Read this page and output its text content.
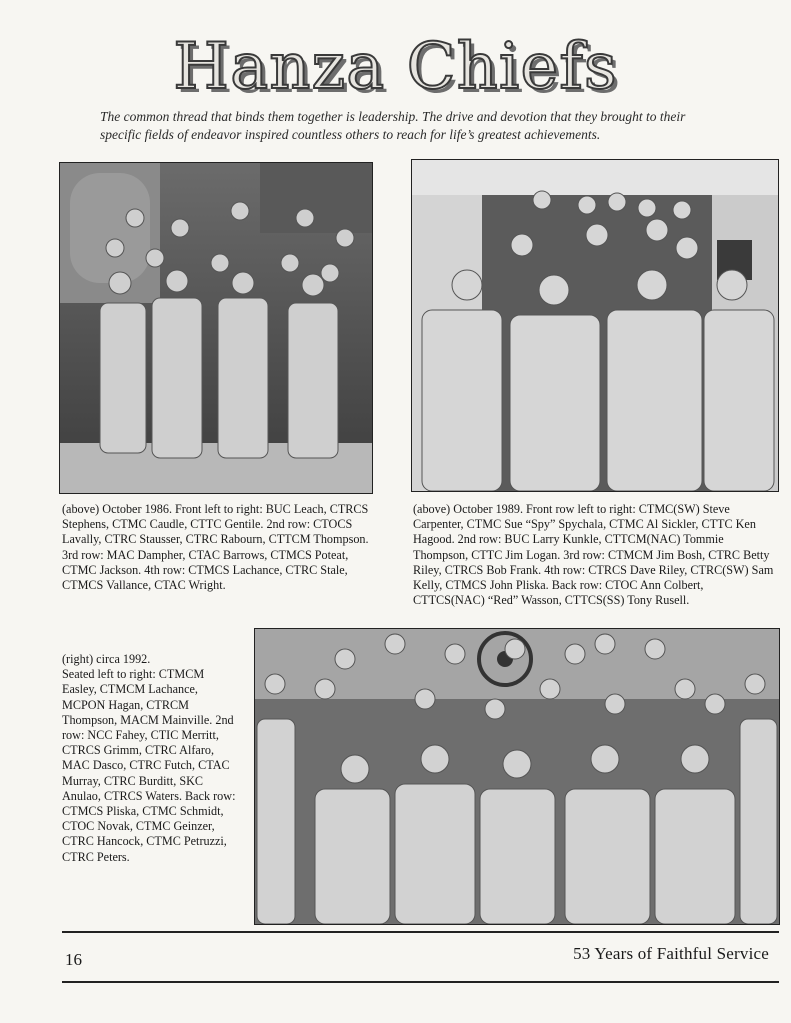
Hanza Chiefs
The common thread that binds them together is leadership. The drive and devotion that they brought to their specific fields of endeavor inspired countless others to reach for life’s greatest achievements.
(above) October 1986. Front left to right: BUC Leach, CTRCS Stephens, CTMC Caudle, CTTC Gentile. 2nd row: CTOCS Lavally, CTRC Stausser, CTRC Rabourn, CTTCM Thompson. 3rd row: MAC Dampher, CTAC Barrows, CTMCS Poteat, CTMC Jackson. 4th row: CTMCS Lachance, CTRC Stale, CTMCS Vallance, CTAC Wright.
(above) October 1989. Front row left to right: CTMC(SW) Steve Carpenter, CTMC Sue “Spy” Spychala, CTMC Al Sickler, CTTC Ken Hagood. 2nd row: BUC Larry Kunkle, CTTCM(NAC) Tommie Thompson, CTTC Jim Logan. 3rd row: CTMCM Jim Bosh, CTRC Betty Riley, CTRCS Bob Frank. 4th row: CTRCS Dave Riley, CTRC(SW) Sam Kelly, CTMCS John Pliska. Back row: CTOC Ann Colbert, CTTCS(NAC) “Red” Wasson, CTTCS(SS) Tony Rusell.
(right) circa 1992.
Seated left to right: CTMCM Easley, CTMCM Lachance, MCPON Hagan, CTRCM Thompson, MACM Mainville. 2nd row: NCC Fahey, CTIC Merritt, CTRCS Grimm, CTRC Alfaro, MAC Dasco, CTRC Futch, CTAC Murray, CTRC Burditt, SKC Anulao, CTRCS Waters. Back row: CTMCS Pliska, CTMC Schmidt, CTOC Novak, CTMC Geinzer, CTRC Hancock, CTMC Petruzzi, CTRC Peters.
16	53 Years of Faithful Service
